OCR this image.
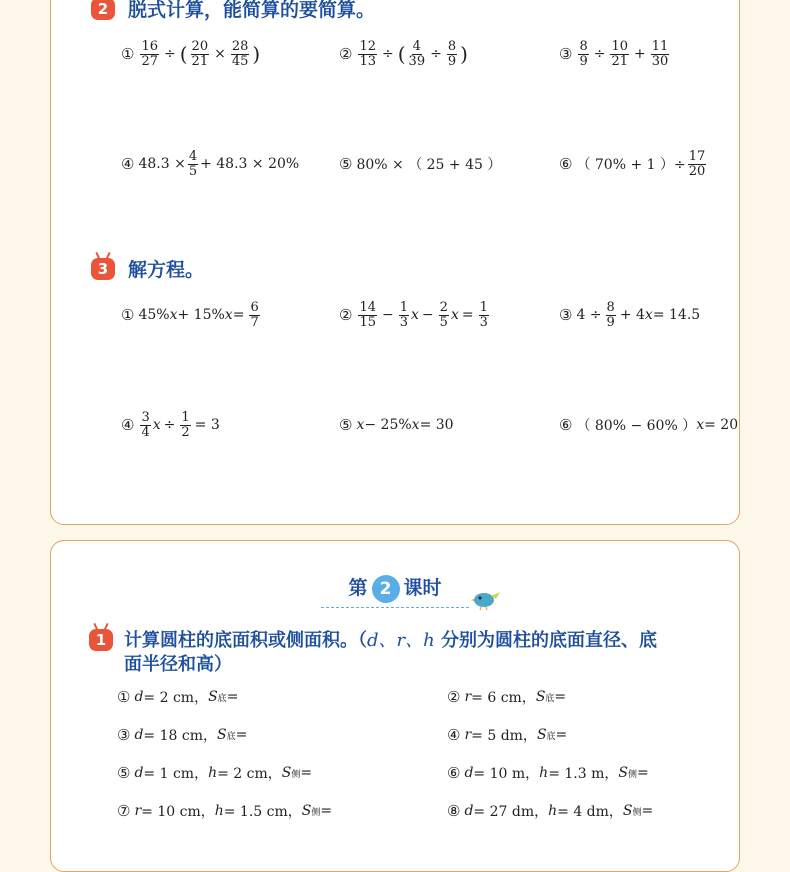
2	脱式计算，能简算的要简算。
① $\frac{16}{27}$ ÷ ( $\frac{20}{21} \times \frac{28}{45}$ )	② $\frac{12}{13}$ ÷ ( $\frac{4}{39} \div \frac{8}{9}$ )	③ $\frac{8}{9} \div \frac{10}{21} + \frac{11}{30}$
④ $48.3 \times \frac{4}{5} + 48.3 \times 20\%$	⑤ 80% × （ 25 + 45 ）	⑥ （ 70% + 1 ）÷ $\frac{17}{20}$
3	解方程。
① 45% x + 15% $x = \frac{6}{7}$	② $\frac{14}{15} - \frac{1}{3}$ $x - \frac{2}{5}$ $x = \frac{1}{3}$	③ $4 \div \frac{8}{9} + 4$ x = 14.5
④ $\frac{3}{4}$ $x \div \frac{1}{2} = 3$	⑤ x − 25% x = 30	⑥ （ 80% − 60% ） x = 20
第 2 课时
1 计算圆柱的底面积或侧面积。（d、r、h 分别为圆柱的底面直径、底
面半径和高）
① d = 2 cm， S 底 =	② r = 6 cm， S 底 =
③ d = 18 cm， S 底 =	④ r = 5 dm， S 底 =
⑤ d = 1 cm， h = 2 cm， S 侧 =	⑥ d = 10 m， h = 1.3 m， S 侧 =
⑦ r = 10 cm， h = 1.5 cm， S 侧 =	⑧ d = 27 dm， h = 4 dm， S 侧 =
